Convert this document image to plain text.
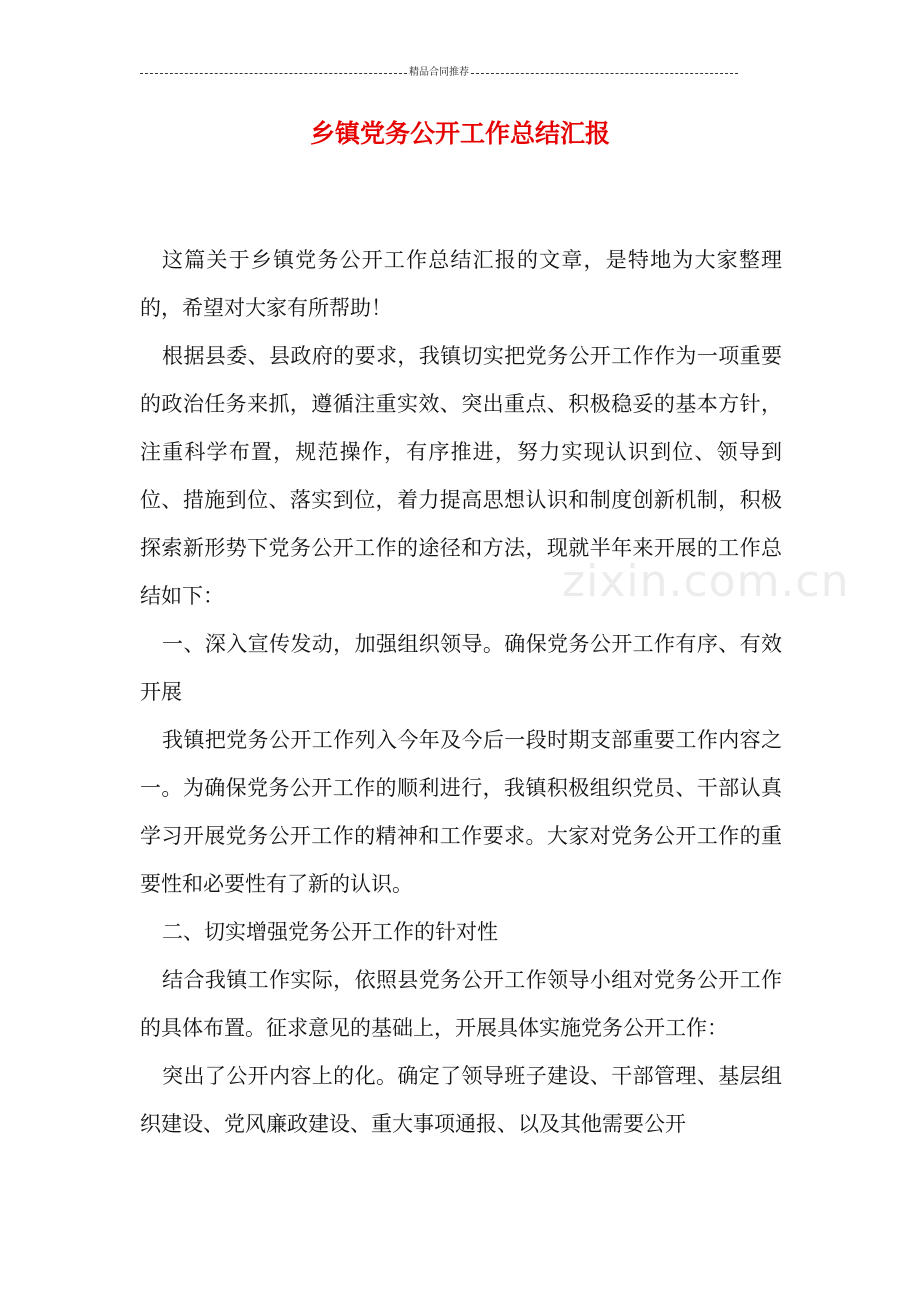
精品合同推荐
乡镇党务公开工作总结汇报
zixin.com.cn

这篇关于乡镇党务公开工作总结汇报的文章，是特地为大家整理的，希望对大家有所帮助！

根据县委、县政府的要求，我镇切实把党务公开工作作为一项重要的政治任务来抓，遵循注重实效、突出重点、积极稳妥的基本方针，注重科学布置，规范操作，有序推进，努力实现认识到位、领导到位、措施到位、落实到位，着力提高思想认识和制度创新机制，积极探索新形势下党务公开工作的途径和方法，现就半年来开展的工作总结如下：

一、深入宣传发动，加强组织领导。确保党务公开工作有序、有效开展

我镇把党务公开工作列入今年及今后一段时期支部重要工作内容之一。为确保党务公开工作的顺利进行，我镇积极组织党员、干部认真学习开展党务公开工作的精神和工作要求。大家对党务公开工作的重要性和必要性有了新的认识。

二、切实增强党务公开工作的针对性

结合我镇工作实际，依照县党务公开工作领导小组对党务公开工作的具体布置。征求意见的基础上，开展具体实施党务公开工作：

突出了公开内容上的化。确定了领导班子建设、干部管理、基层组织建设、党风廉政建设、重大事项通报、以及其他需要公开
